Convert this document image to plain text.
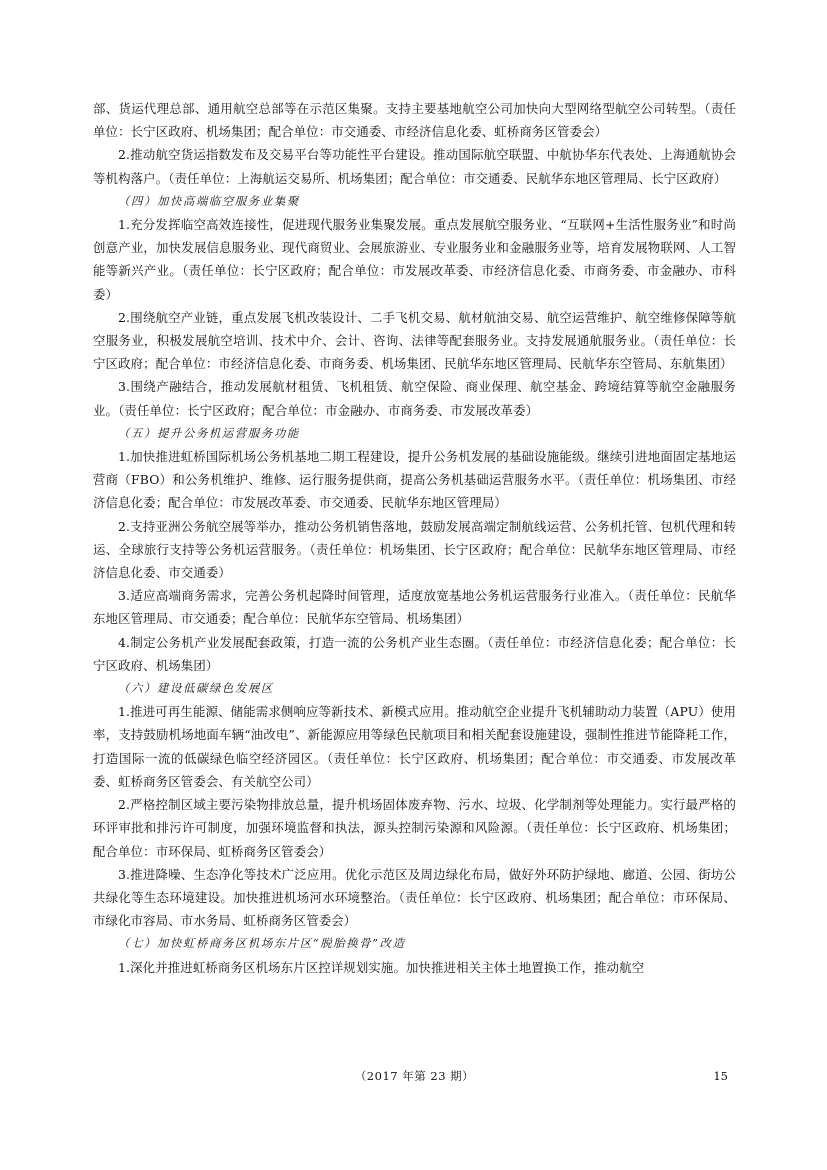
部、货运代理总部、通用航空总部等在示范区集聚。支持主要基地航空公司加快向大型网络型航空公司转型。（责任单位：长宁区政府、机场集团；配合单位：市交通委、市经济信息化委、虹桥商务区管委会）

2.推动航空货运指数发布及交易平台等功能性平台建设。推动国际航空联盟、中航协华东代表处、上海通航协会等机构落户。（责任单位：上海航运交易所、机场集团；配合单位：市交通委、民航华东地区管理局、长宁区政府）

（四）加快高端临空服务业集聚

1.充分发挥临空高效连接性，促进现代服务业集聚发展。重点发展航空服务业、“互联网+生活性服务业”和时尚创意产业，加快发展信息服务业、现代商贸业、会展旅游业、专业服务业和金融服务业等，培育发展物联网、人工智能等新兴产业。（责任单位：长宁区政府；配合单位：市发展改革委、市经济信息化委、市商务委、市金融办、市科委）

2.围绕航空产业链，重点发展飞机改装设计、二手飞机交易、航材航油交易、航空运营维护、航空维修保障等航空服务业，积极发展航空培训、技术中介、会计、咨询、法律等配套服务业。支持发展通航服务业。（责任单位：长宁区政府；配合单位：市经济信息化委、市商务委、机场集团、民航华东地区管理局、民航华东空管局、东航集团）

3.围绕产融结合，推动发展航材租赁、飞机租赁、航空保险、商业保理、航空基金、跨境结算等航空金融服务业。（责任单位：长宁区政府；配合单位：市金融办、市商务委、市发展改革委）

（五）提升公务机运营服务功能

1.加快推进虹桥国际机场公务机基地二期工程建设，提升公务机发展的基础设施能级。继续引进地面固定基地运营商（FBO）和公务机维护、维修、运行服务提供商，提高公务机基础运营服务水平。（责任单位：机场集团、市经济信息化委；配合单位：市发展改革委、市交通委、民航华东地区管理局）

2.支持亚洲公务航空展等举办，推动公务机销售落地，鼓励发展高端定制航线运营、公务机托管、包机代理和转运、全球旅行支持等公务机运营服务。（责任单位：机场集团、长宁区政府；配合单位：民航华东地区管理局、市经济信息化委、市交通委）

3.适应高端商务需求，完善公务机起降时间管理，适度放宽基地公务机运营服务行业准入。（责任单位：民航华东地区管理局、市交通委；配合单位：民航华东空管局、机场集团）

4.制定公务机产业发展配套政策，打造一流的公务机产业生态圈。（责任单位：市经济信息化委；配合单位：长宁区政府、机场集团）

（六）建设低碳绿色发展区

1.推进可再生能源、储能需求侧响应等新技术、新模式应用。推动航空企业提升飞机辅助动力装置（APU）使用率，支持鼓励机场地面车辆“油改电”、新能源应用等绿色民航项目和相关配套设施建设，强制性推进节能降耗工作，打造国际一流的低碳绿色临空经济园区。（责任单位：长宁区政府、机场集团；配合单位：市交通委、市发展改革委、虹桥商务区管委会、有关航空公司）

2.严格控制区域主要污染物排放总量，提升机场固体废弃物、污水、垃圾、化学制剂等处理能力。实行最严格的环评审批和排污许可制度，加强环境监督和执法，源头控制污染源和风险源。（责任单位：长宁区政府、机场集团；配合单位：市环保局、虹桥商务区管委会）

3.推进降噪、生态净化等技术广泛应用。优化示范区及周边绿化布局，做好外环防护绿地、廊道、公园、街坊公共绿化等生态环境建设。加快推进机场河水环境整治。（责任单位：长宁区政府、机场集团；配合单位：市环保局、市绿化市容局、市水务局、虹桥商务区管委会）

（七）加快虹桥商务区机场东片区“脱胎换骨”改造

1.深化并推进虹桥商务区机场东片区控详规划实施。加快推进相关主体土地置换工作，推动航空

（2017 年第 23 期）	15
